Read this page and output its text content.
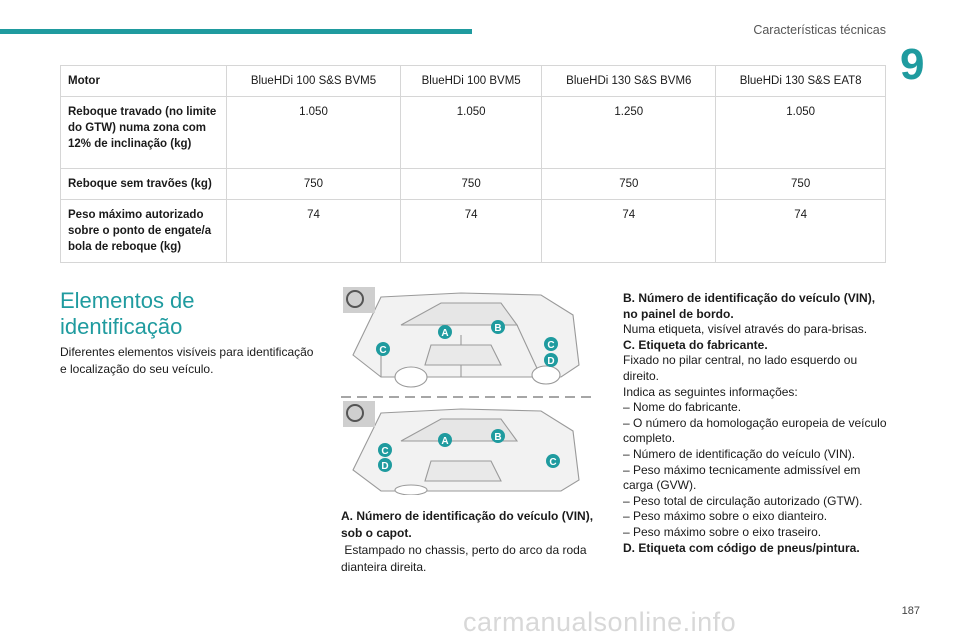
Características técnicas
9
Motor	BlueHDi 100 S&S BVM5	BlueHDi 100 BVM5	BlueHDi 130 S&S BVM6	BlueHDi 130 S&S EAT8
Reboque travado (no limite do GTW) numa zona com 12% de inclinação (kg)	1.050	1.050	1.250	1.050
Reboque sem travões (kg)	750	750	750	750
Peso máximo autorizado sobre o ponto de engate/a bola de reboque (kg)	74	74	74	74
Elementos de
identificação
Diferentes elementos visíveis para identificação e localização do seu veículo.
A	B
C	C
D
A	B
C
D	C
A. Número de identificação do veículo (VIN), sob o capot.
Estampado no chassis, perto do arco da roda dianteira direita.
B. Número de identificação do veículo (VIN), no painel de bordo.
Numa etiqueta, visível através do para-brisas.
C. Etiqueta do fabricante.
Fixado no pilar central, no lado esquerdo ou direito.
Indica as seguintes informações:
– Nome do fabricante.
– O número da homologação europeia de veículo completo.
– Número de identificação do veículo (VIN).
– Peso máximo tecnicamente admissível em carga (GVW).
– Peso total de circulação autorizado (GTW).
– Peso máximo sobre o eixo dianteiro.
– Peso máximo sobre o eixo traseiro.
D. Etiqueta com código de pneus/pintura.
carmanualsonline.info	187
